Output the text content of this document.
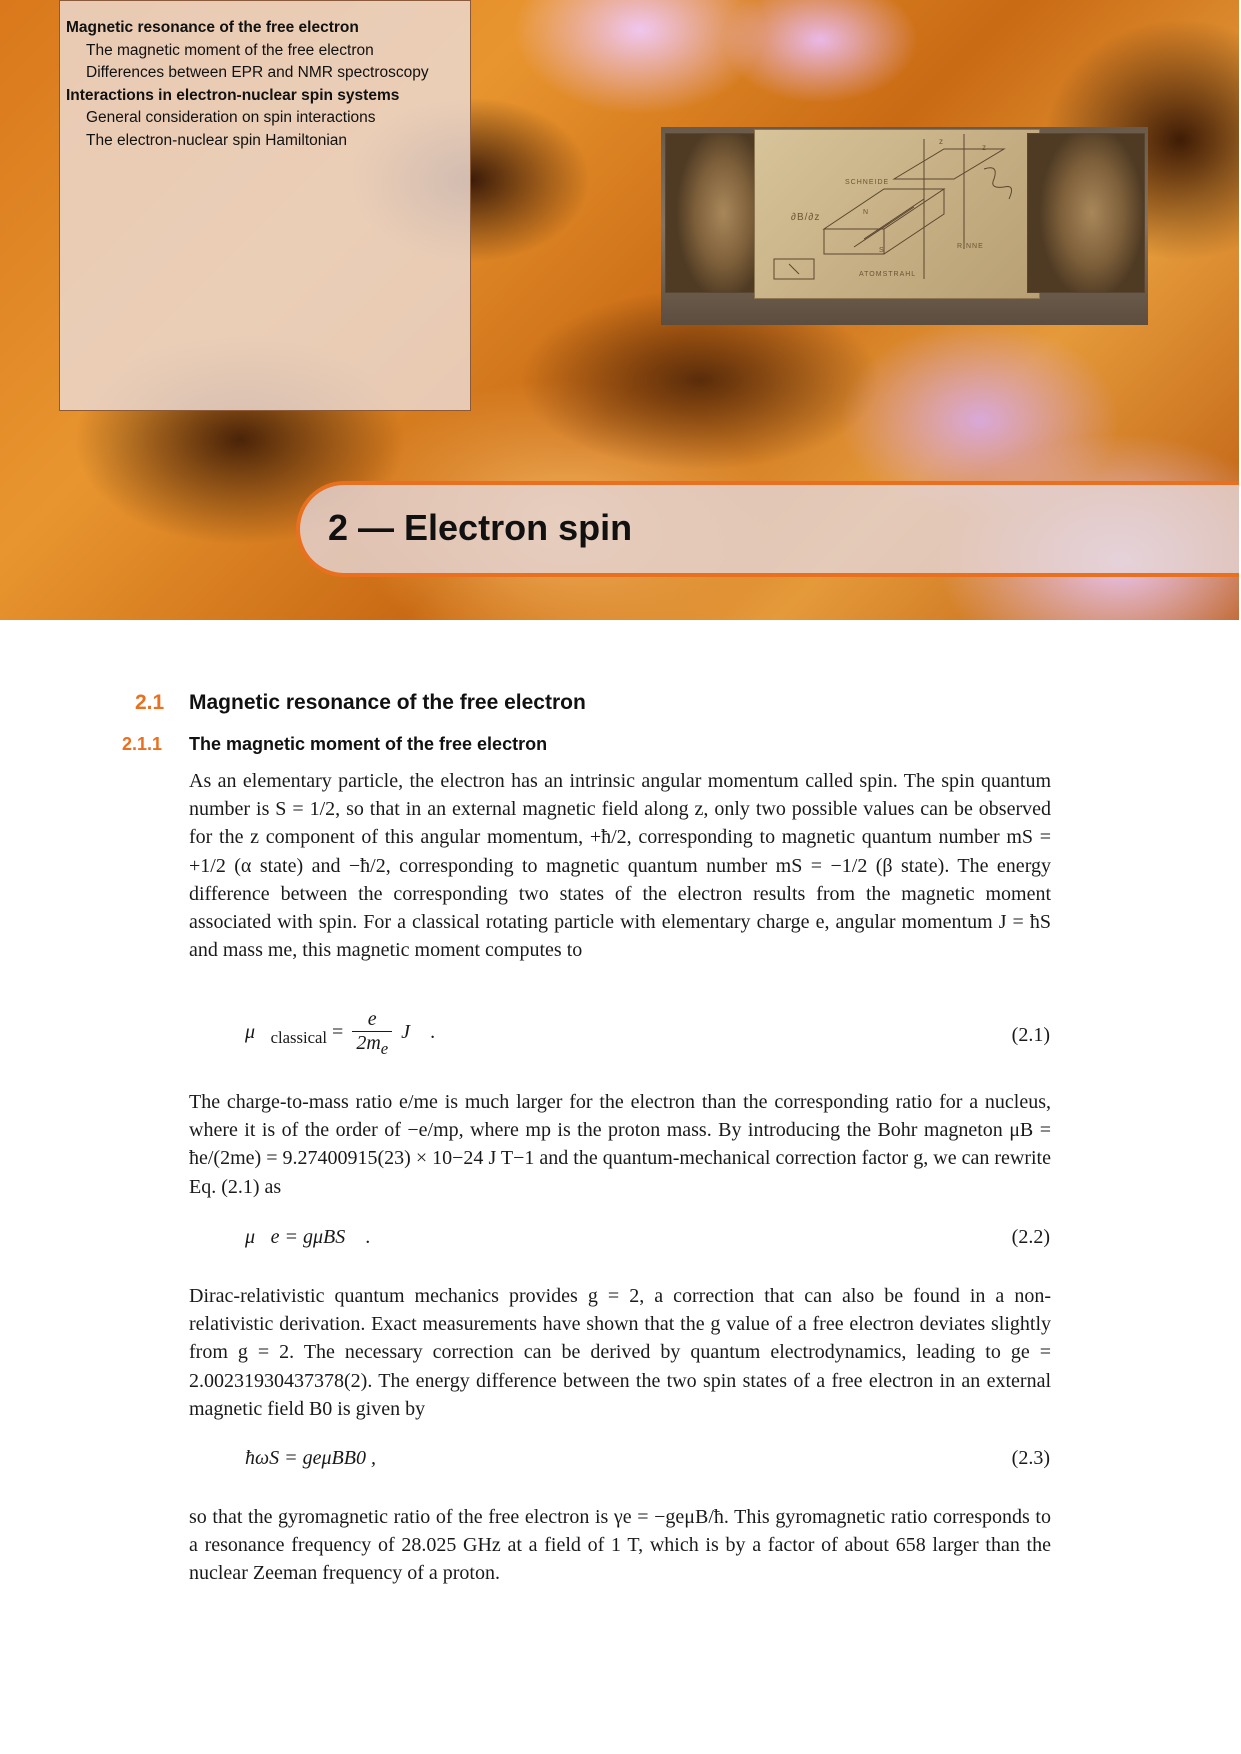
Magnetic resonance of the free electron
The magnetic moment of the free electron
Differences between EPR and NMR spectroscopy
Interactions in electron-nuclear spin systems
General consideration on spin interactions
The electron-nuclear spin Hamiltonian
SCHNEIDE
RINNE
ATOMSTRAHL
∂B/∂z	N
S
z
z
2 — Electron spin
2.1 Magnetic resonance of the free electron
2.1.1 The magnetic moment of the free electron

As an elementary particle, the electron has an intrinsic angular momentum called spin. The spin quantum number is S = 1/2, so that in an external magnetic field along z, only two possible values can be observed for the z component of this angular momentum, +ħ/2, corresponding to magnetic quantum number mS = +1/2 (α state) and −ħ/2, corresponding to magnetic quantum number mS = −1/2 (β state). The energy difference between the corresponding two states of the electron results from the magnetic moment associated with spin. For a classical rotating particle with elementary charge e, angular momentum J = ħS and mass me, this magnetic moment computes to

$\mu⃗_{classical} = \frac{e}{2m_e}$ J⃗ .	(2.1)

The charge-to-mass ratio e/me is much larger for the electron than the corresponding ratio for a nucleus, where it is of the order of −e/mp, where mp is the proton mass. By introducing the Bohr magneton μB = ħe/(2me) = 9.27400915(23) × 10−24 J T−1 and the quantum-mechanical correction factor g, we can rewrite Eq. (2.1) as

μ⃗e = gμBS⃗ .	(2.2)

Dirac-relativistic quantum mechanics provides g = 2, a correction that can also be found in a non-relativistic derivation. Exact measurements have shown that the g value of a free electron deviates slightly from g = 2. The necessary correction can be derived by quantum electrodynamics, leading to ge = 2.00231930437378(2). The energy difference between the two spin states of a free electron in an external magnetic field B0 is given by

ħωS = geμBB0 ,	(2.3)

so that the gyromagnetic ratio of the free electron is γe = −geμB/ħ. This gyromagnetic ratio corresponds to a resonance frequency of 28.025 GHz at a field of 1 T, which is by a factor of about 658 larger than the nuclear Zeeman frequency of a proton.
